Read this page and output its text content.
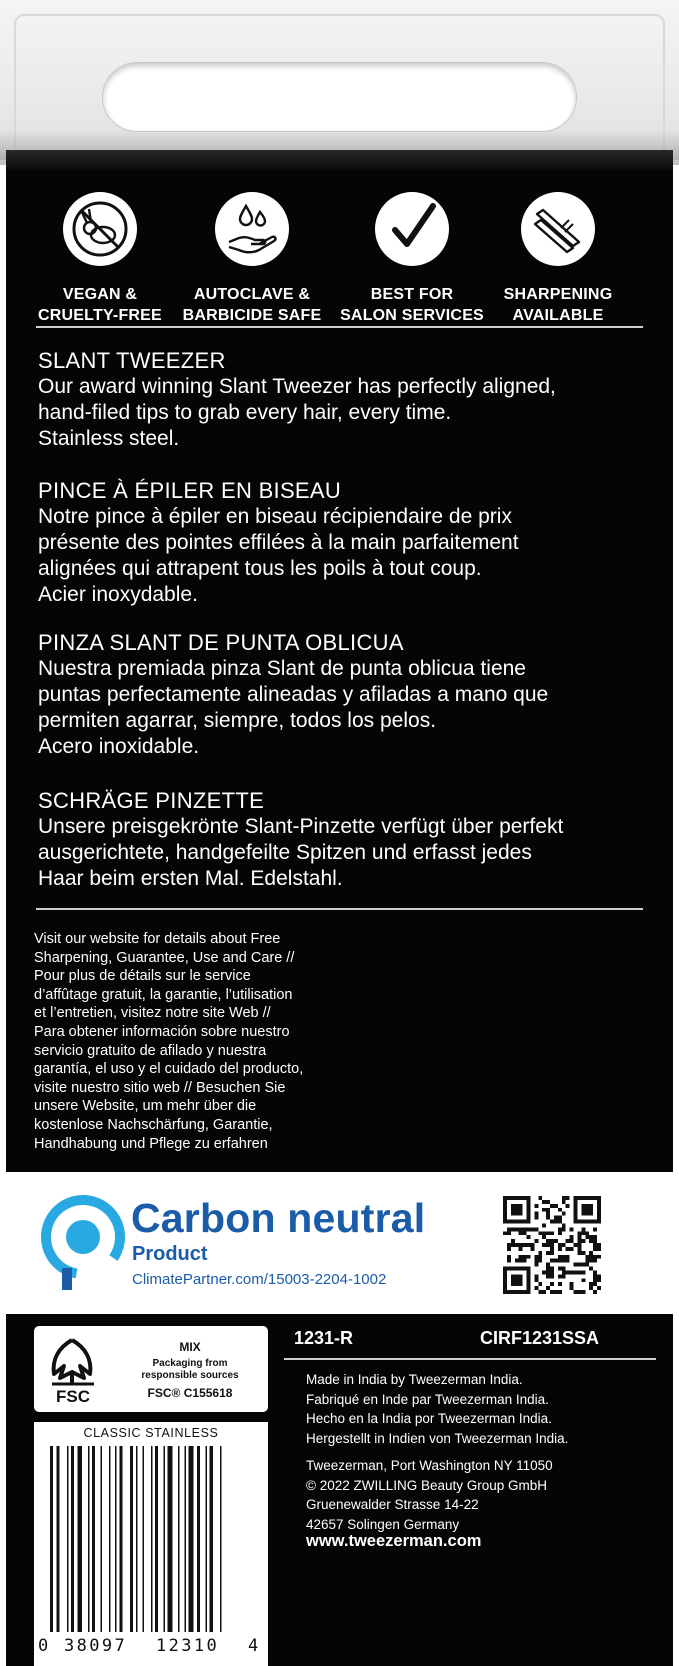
VEGAN &
CRUELTY-FREE
AUTOCLAVE &
BARBICIDE SAFE
BEST FOR
SALON SERVICES
SHARPENING
AVAILABLE
SLANT TWEEZER
Our award winning Slant Tweezer has perfectly aligned,
hand-filed tips to grab every hair, every time.
Stainless steel.
PINCE À ÉPILER EN BISEAU
Notre pince à épiler en biseau récipiendaire de prix
présente des pointes effilées à la main parfaitement
alignées qui attrapent tous les poils à tout coup.
Acier inoxydable.
PINZA SLANT DE PUNTA OBLICUA
Nuestra premiada pinza Slant de punta oblicua tiene
puntas perfectamente alineadas y afiladas a mano que
permiten agarrar, siempre, todos los pelos.
Acero inoxidable.
SCHRÄGE PINZETTE
Unsere preisgekrönte Slant-Pinzette verfügt über perfekt
ausgerichtete, handgefeilte Spitzen und erfasst jedes
Haar beim ersten Mal. Edelstahl.
Visit our website for details about Free
Sharpening, Guarantee, Use and Care //
Pour plus de détails sur le service
d’affûtage gratuit, la garantie, l’utilisation
et l’entretien, visitez notre site Web //
Para obtener información sobre nuestro
servicio gratuito de afilado y nuestra
garantía, el uso y el cuidado del producto,
visite nuestro sitio web // Besuchen Sie
unsere Website, um mehr über die
kostenlose Nachschärfung, Garantie,
Handhabung und Pflege zu erfahren
Carbon neutral
Product
ClimatePartner.com/15003-2204-1002
FSC
MIX
Packaging from
responsible sources
FSC® C155618
CLASSIC STAINLESS
0 38097 12310 4
1231-R	CIRF1231SSA
Made in India by Tweezerman India.
Fabriqué en Inde par Tweezerman India.
Hecho en la India por Tweezerman India.
Hergestellt in Indien von Tweezerman India.
Tweezerman, Port Washington NY 11050
© 2022 ZWILLING Beauty Group GmbH
Gruenewalder Strasse 14-22
42657 Solingen Germany
www.tweezerman.com
